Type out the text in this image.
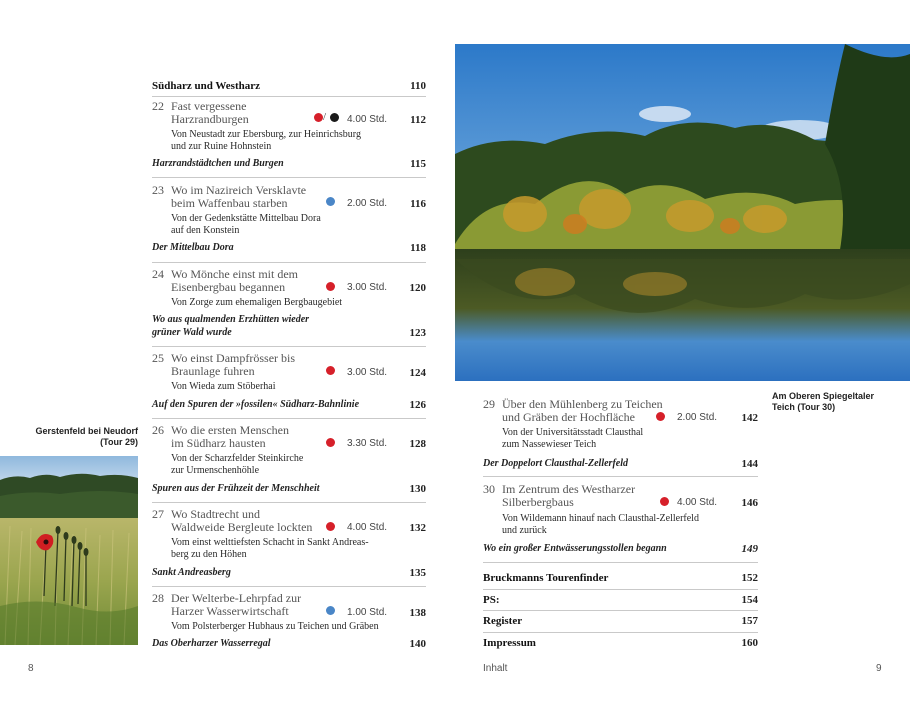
Südharz und Westharz	110
22 Fast vergessene
Harzrandburgen	/ 4.00 Std.	112
Von Neustadt zur Ebersburg, zur Heinrichsburg
und zur Ruine Hohnstein
Harzrandstädtchen und Burgen	115
23 Wo im Nazireich Versklavte
beim Waffenbau starben	2.00 Std.	116
Von der Gedenkstätte Mittelbau Dora
auf den Konstein
Der Mittelbau Dora	118
24 Wo Mönche einst mit dem
Eisenbergbau begannen	3.00 Std.	120
Von Zorge zum ehemaligen Bergbaugebiet
Wo aus qualmenden Erzhütten wieder
grüner Wald wurde	123
25 Wo einst Dampfrösser bis
Braunlage fuhren	3.00 Std.	124
Von Wieda zum Stöberhai
Auf den Spuren der »fossilen« Südharz-Bahnlinie	126
26 Wo die ersten Menschen
im Südharz hausten	3.30 Std.	128
Von der Scharzfelder Steinkirche
zur Urmenschenhöhle
Spuren aus der Frühzeit der Menschheit	130
27 Wo Stadtrecht und
Waldweide Bergleute lockten	4.00 Std.	132
Vom einst welttiefsten Schacht in Sankt Andreas-
berg zu den Höhen
Sankt Andreasberg	135
28 Der Welterbe-Lehrpfad zur
Harzer Wasserwirtschaft	1.00 Std.	138
Vom Polsterberger Hubhaus zu Teichen und Gräben
Das Oberharzer Wasserregal	140
Gerstenfeld bei Neudorf
(Tour 29)
8
Am Oberen Spiegeltaler
Teich (Tour 30)
29 Über den Mühlenberg zu Teichen
und Gräben der Hochfläche	2.00 Std.	142
Von der Universitätsstadt Clausthal
zum Nassewieser Teich
Der Doppelort Clausthal-Zellerfeld	144
30 Im Zentrum des Westharzer
Silberbergbaus	4.00 Std.	146
Von Wildemann hinauf nach Clausthal-Zellerfeld
und zurück
Wo ein großer Entwässerungsstollen begann	149
Bruckmanns Tourenfinder	152
PS:	154
Register	157
Impressum	160
Inhalt	9
